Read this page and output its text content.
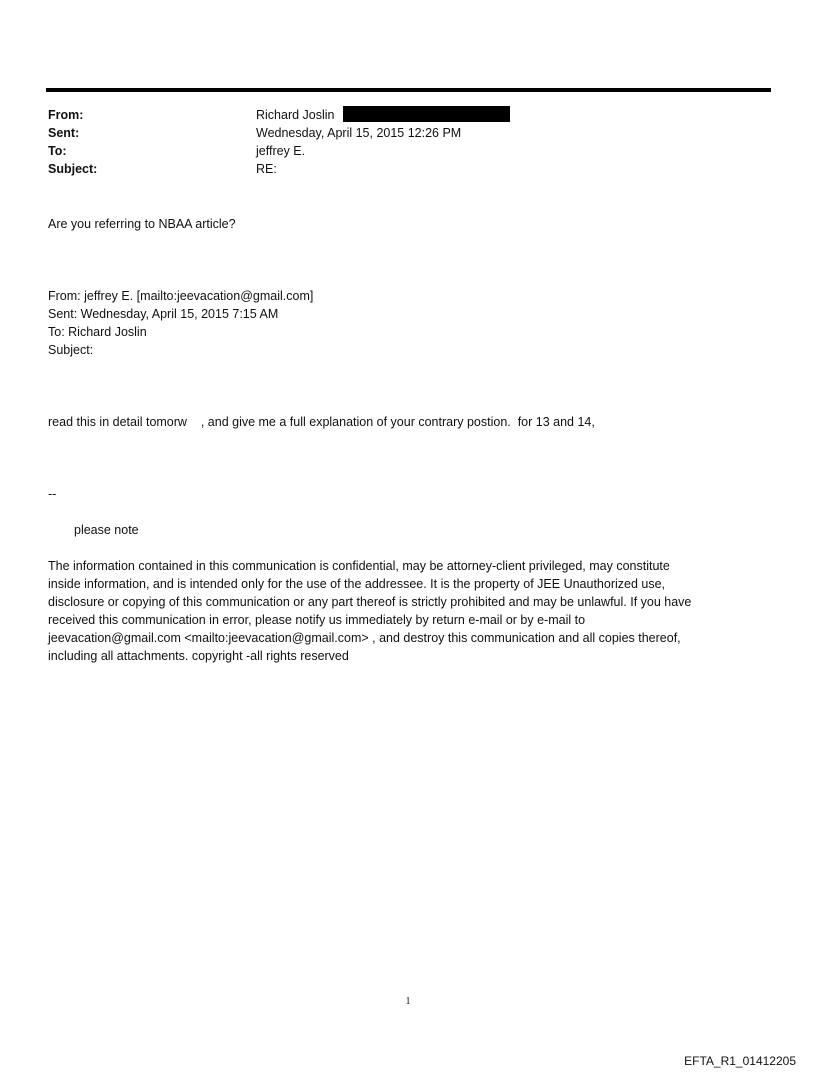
From:	Richard Joslin
Sent:	Wednesday, April 15, 2015 12:26 PM
To:	jeffrey E.
Subject:	RE:
Are you referring to NBAA article?
From: jeffrey E. [mailto:jeevacation@gmail.com]
Sent: Wednesday, April 15, 2015 7:15 AM
To: Richard Joslin
Subject:
read this in detail tomorw    , and give me a full explanation of your contrary postion.  for 13 and 14,
--
please note
The information contained in this communication is confidential, may be attorney-client privileged, may constitute
inside information, and is intended only for the use of the addressee. It is the property of JEE Unauthorized use,
disclosure or copying of this communication or any part thereof is strictly prohibited and may be unlawful. If you have
received this communication in error, please notify us immediately by return e-mail or by e-mail to
jeevacation@gmail.com <mailto:jeevacation@gmail.com> , and destroy this communication and all copies thereof,
including all attachments. copyright -all rights reserved
1
EFTA_R1_01412205
